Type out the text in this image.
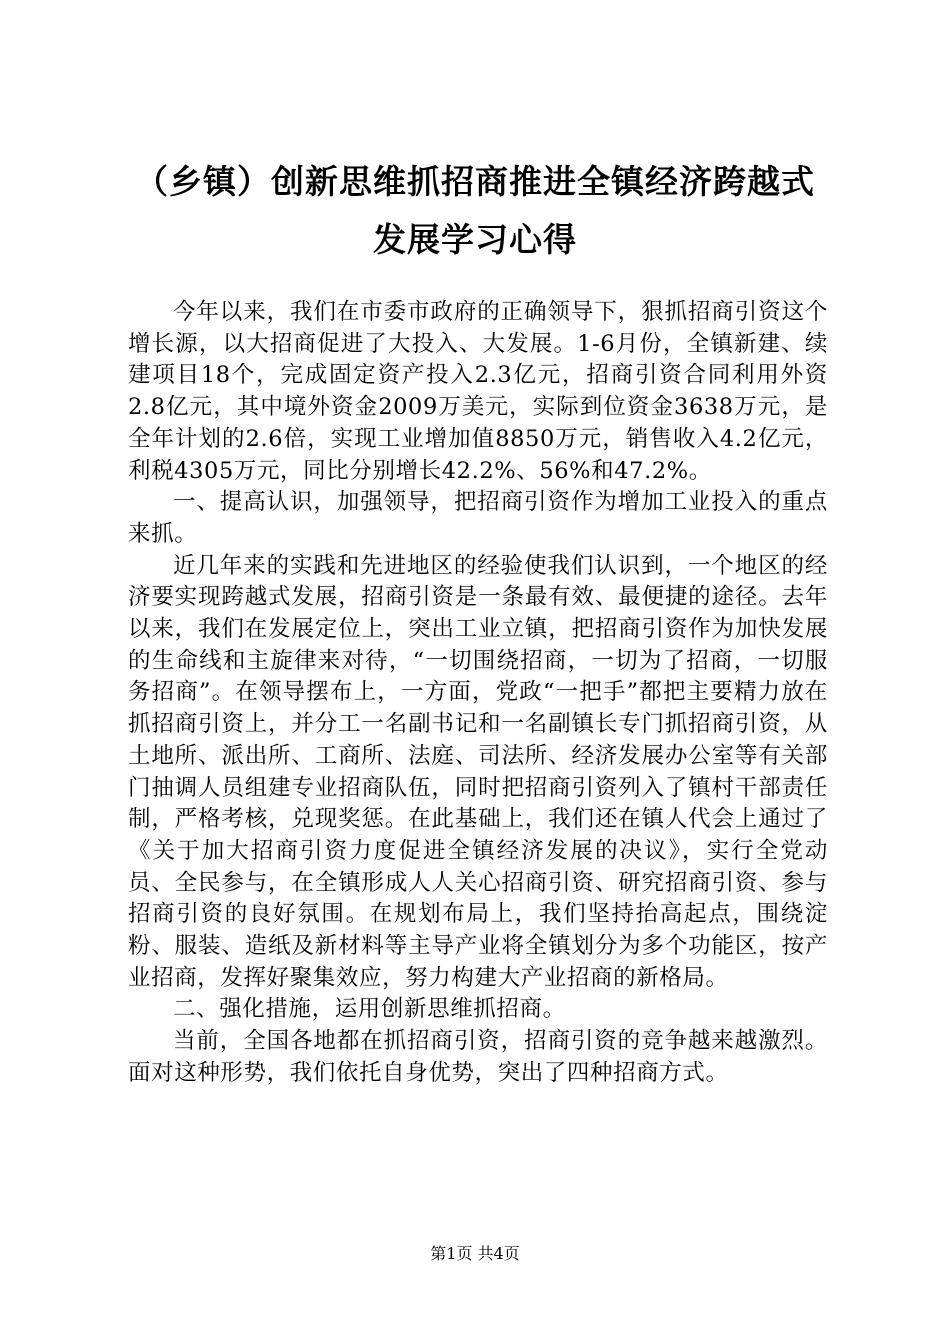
（乡镇）创新思维抓招商推进全镇经济跨越式
发展学习心得

今年以来，我们在市委市政府的正确领导下，狠抓招商引资这个增长源，以大招商促进了大投入、大发展。1-6月份，全镇新建、续建项目18个，完成固定资产投入2.3亿元，招商引资合同利用外资2.8亿元，其中境外资金2009万美元，实际到位资金3638万元，是全年计划的2.6倍，实现工业增加值8850万元，销售收入4.2亿元，利税4305万元，同比分别增长42.2%、56%和47.2%。

一、提高认识，加强领导，把招商引资作为增加工业投入的重点来抓。

近几年来的实践和先进地区的经验使我们认识到，一个地区的经济要实现跨越式发展，招商引资是一条最有效、最便捷的途径。去年以来，我们在发展定位上，突出工业立镇，把招商引资作为加快发展的生命线和主旋律来对待，“一切围绕招商，一切为了招商，一切服务招商”。在领导摆布上，一方面，党政“一把手”都把主要精力放在抓招商引资上，并分工一名副书记和一名副镇长专门抓招商引资，从土地所、派出所、工商所、法庭、司法所、经济发展办公室等有关部门抽调人员组建专业招商队伍，同时把招商引资列入了镇村干部责任制，严格考核，兑现奖惩。在此基础上，我们还在镇人代会上通过了《关于加大招商引资力度促进全镇经济发展的决议》，实行全党动员、全民参与，在全镇形成人人关心招商引资、研究招商引资、参与招商引资的良好氛围。在规划布局上，我们坚持抬高起点，围绕淀粉、服装、造纸及新材料等主导产业将全镇划分为多个功能区，按产业招商，发挥好聚集效应，努力构建大产业招商的新格局。

二、强化措施，运用创新思维抓招商。

当前，全国各地都在抓招商引资，招商引资的竞争越来越激烈。面对这种形势，我们依托自身优势，突出了四种招商方式。

第1页 共4页
